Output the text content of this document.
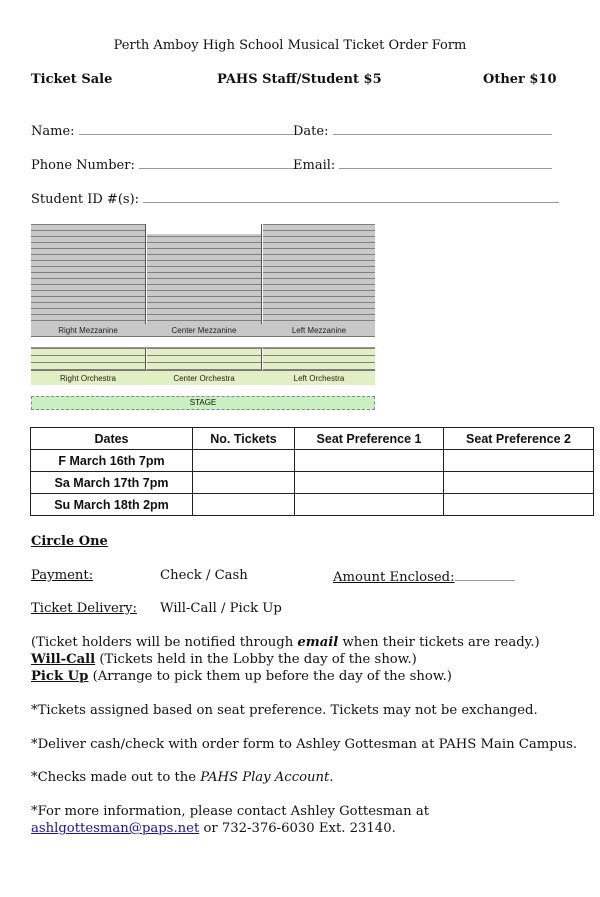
Perth Amboy High School Musical Ticket Order Form
Ticket Sale	PAHS Staff/Student $5	Other $10
Name:	Date:
Phone Number:	Email:
Student ID #(s):
Right Mezzanine	Center Mezzanine	Left Mezzanine
Right Orchestra	Center Orchestra	Left Orchestra
STAGE
Dates	No. Tickets	Seat Preference 1	Seat Preference 2
F March 16th 7pm			
Sa March 17th 7pm			
Su March 18th 2pm			
Circle One
Payment:	Check / Cash	Amount Enclosed:
Ticket Delivery: Will-Call / Pick Up
(Ticket holders will be notified through email when their tickets are ready.)
Will-Call (Tickets held in the Lobby the day of the show.)
Pick Up (Arrange to pick them up before the day of the show.)
*Tickets assigned based on seat preference. Tickets may not be exchanged.
*Deliver cash/check with order form to Ashley Gottesman at PAHS Main Campus.
*Checks made out to the PAHS Play Account.
*For more information, please contact Ashley Gottesman at
ashlgottesman@paps.net or 732-376-6030 Ext. 23140.
